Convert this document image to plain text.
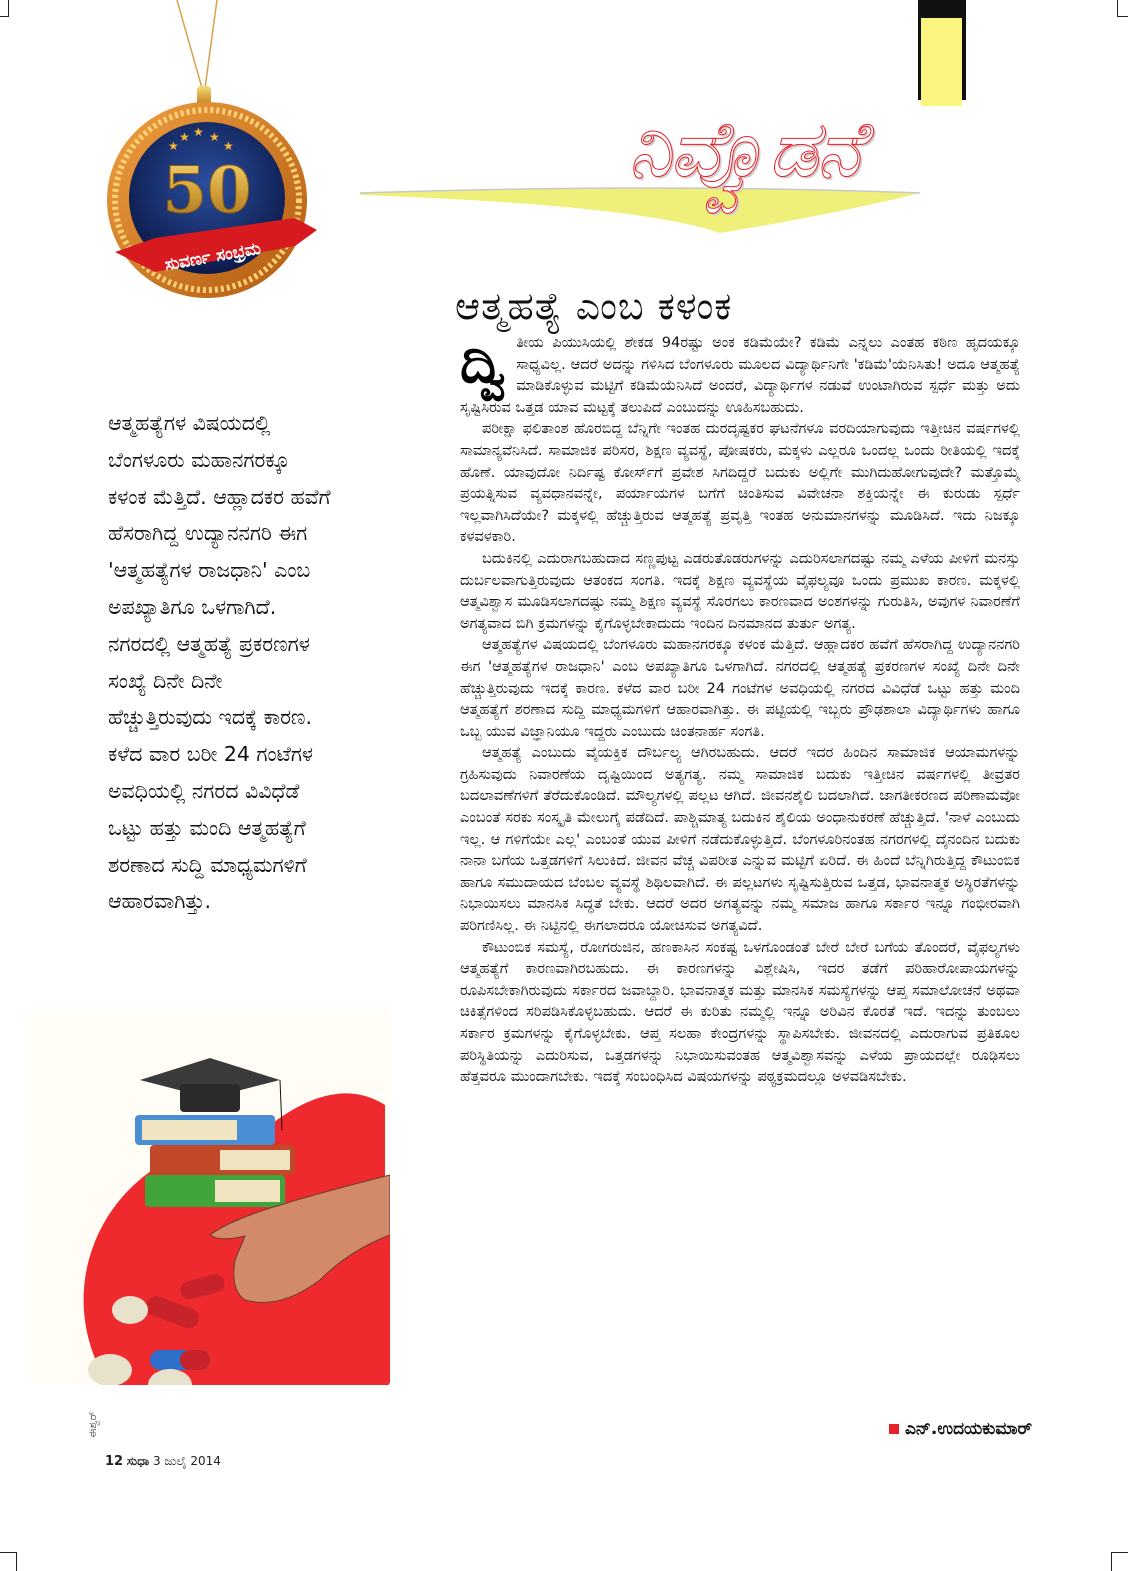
★
★ ★ ★
★
50
ಸುವರ್ಣ ಸಂಭ್ರಮ
ನಿವ್ವೊಡನೆ
ಆತ್ಮಹತ್ಯೆ ಎಂಬ ಕಳಂಕ

ದ್ವಿ ತೀಯ ಪಿಯುಸಿಯಲ್ಲಿ ಶೇಕಡ 94ರಷ್ಟು ಅಂಕ ಕಡಿಮೆಯೇ? ಕಡಿಮೆ ಎನ್ನಲು ಎಂತಹ ಕಠಿಣ ಹೃದಯಕ್ಕೂ ಸಾಧ್ಯವಿಲ್ಲ. ಆದರೆ ಅದನ್ನು ಗಳಿಸಿದ ಬೆಂಗಳೂರು ಮೂಲದ ವಿದ್ಯಾರ್ಥಿನಿಗೇ 'ಕಡಿಮೆ'ಯೆನಿಸಿತು! ಅದೂ ಆತ್ಮಹತ್ಯೆ ಮಾಡಿಕೊಳ್ಳುವ ಮಟ್ಟಿಗೆ ಕಡಿಮೆಯೆನಿಸಿದೆ ಅಂದರೆ, ವಿದ್ಯಾರ್ಥಿಗಳ ನಡುವೆ ಉಂಟಾಗಿರುವ ಸ್ಪರ್ಧೆ ಮತ್ತು ಅದು ಸೃಷ್ಟಿಸಿರುವ ಒತ್ತಡ ಯಾವ ಮಟ್ಟಕ್ಕೆ ತಲುಪಿದೆ ಎಂಬುದನ್ನು ಊಹಿಸಬಹುದು.

ಪರೀಕ್ಷಾ ಫಲಿತಾಂಶ ಹೊರಬಿದ್ದ ಬೆನ್ನಿಗೇ ಇಂತಹ ದುರದೃಷ್ಟಕರ ಘಟನೆಗಳೂ ವರದಿಯಾಗುವುದು ಇತ್ತೀಚಿನ ವರ್ಷಗಳಲ್ಲಿ ಸಾಮಾನ್ಯವೆನಿಸಿದೆ. ಸಾಮಾಜಿಕ ಪರಿಸರ, ಶಿಕ್ಷಣ ವ್ಯವಸ್ಥೆ, ಪೋಷಕರು, ಮಕ್ಕಳು ಎಲ್ಲರೂ ಒಂದಲ್ಲ ಒಂದು ರೀತಿಯಲ್ಲಿ ಇದಕ್ಕೆ ಹೊಣೆ. ಯಾವುದೋ ನಿರ್ದಿಷ್ಟ ಕೋರ್ಸ್‌ಗೆ ಪ್ರವೇಶ ಸಿಗದಿದ್ದರೆ ಬದುಕು ಅಲ್ಲಿಗೇ ಮುಗಿದುಹೋಗುವುದೇ? ಮತ್ತೊಮ್ಮೆ ಪ್ರಯತ್ನಿಸುವ ವ್ಯವಧಾನವನ್ನೇ, ಪರ್ಯಾಯಗಳ ಬಗೆಗೆ ಚಿಂತಿಸುವ ವಿವೇಚನಾ ಶಕ್ತಿಯನ್ನೇ ಈ ಕುರುಡು ಸ್ಪರ್ಧೆ ಇಲ್ಲವಾಗಿಸಿದೆಯೇ? ಮಕ್ಕಳಲ್ಲಿ ಹೆಚ್ಚುತ್ತಿರುವ ಆತ್ಮಹತ್ಯೆ ಪ್ರವೃತ್ತಿ ಇಂತಹ ಅನುಮಾನಗಳನ್ನು ಮೂಡಿಸಿದೆ. ಇದು ನಿಜಕ್ಕೂ ಕಳವಳಕಾರಿ.

ಬದುಕಿನಲ್ಲಿ ಎದುರಾಗಬಹುದಾದ ಸಣ್ಣಪುಟ್ಟ ಎಡರುತೊಡರುಗಳನ್ನು ಎದುರಿಸಲಾಗದಷ್ಟು ನಮ್ಮ ಎಳೆಯ ಪೀಳಿಗೆ ಮನಸ್ಸು ದುರ್ಬಲವಾಗುತ್ತಿರುವುದು ಆತಂಕದ ಸಂಗತಿ. ಇದಕ್ಕೆ ಶಿಕ್ಷಣ ವ್ಯವಸ್ಥೆಯ ವೈಫಲ್ಯವೂ ಒಂದು ಪ್ರಮುಖ ಕಾರಣ. ಮಕ್ಕಳಲ್ಲಿ ಆತ್ಮವಿಶ್ವಾಸ ಮೂಡಿಸಲಾಗದಷ್ಟು ನಮ್ಮ ಶಿಕ್ಷಣ ವ್ಯವಸ್ಥೆ ಸೊರಗಲು ಕಾರಣವಾದ ಅಂಶಗಳನ್ನು ಗುರುತಿಸಿ, ಅವುಗಳ ನಿವಾರಣೆಗೆ ಅಗತ್ಯವಾದ ಬಿಗಿ ಕ್ರಮಗಳನ್ನು ಕೈಗೊಳ್ಳಬೇಕಾದುದು ಇಂದಿನ ದಿನಮಾನದ ತುರ್ತು ಅಗತ್ಯ.

ಆತ್ಮಹತ್ಯೆಗಳ ವಿಷಯದಲ್ಲಿ ಬೆಂಗಳೂರು ಮಹಾನಗರಕ್ಕೂ ಕಳಂಕ ಮೆತ್ತಿದೆ. ಆಹ್ಲಾದಕರ ಹವೆಗೆ ಹೆಸರಾಗಿದ್ದ ಉದ್ಯಾನನಗರಿ ಈಗ 'ಆತ್ಮಹತ್ಯೆಗಳ ರಾಜಧಾನಿ' ಎಂಬ ಅಪಖ್ಯಾತಿಗೂ ಒಳಗಾಗಿದೆ. ನಗರದಲ್ಲಿ ಆತ್ಮಹತ್ಯೆ ಪ್ರಕರಣಗಳ ಸಂಖ್ಯೆ ದಿನೇ ದಿನೇ ಹೆಚ್ಚುತ್ತಿರುವುದು ಇದಕ್ಕೆ ಕಾರಣ. ಕಳೆದ ವಾರ ಬರೀ 24 ಗಂಟೆಗಳ ಅವಧಿಯಲ್ಲಿ ನಗರದ ವಿವಿಧೆಡೆ ಒಟ್ಟು ಹತ್ತು ಮಂದಿ ಆತ್ಮಹತ್ಯೆಗೆ ಶರಣಾದ ಸುದ್ದಿ ಮಾಧ್ಯಮಗಳಿಗೆ ಆಹಾರವಾಗಿತ್ತು. ಈ ಪಟ್ಟಿಯಲ್ಲಿ ಇಬ್ಬರು ಪ್ರೌಢಶಾಲಾ ವಿದ್ಯಾರ್ಥಿಗಳು ಹಾಗೂ ಒಬ್ಬ ಯುವ ವಿಜ್ಞಾನಿಯೂ ಇದ್ದರು ಎಂಬುದು ಚಿಂತನಾರ್ಹ ಸಂಗತಿ.

ಆತ್ಮಹತ್ಯೆ ಎಂಬುದು ವೈಯಕ್ತಿಕ ದೌರ್ಬಲ್ಯ ಆಗಿರಬಹುದು. ಆದರೆ ಇದರ ಹಿಂದಿನ ಸಾಮಾಜಿಕ ಆಯಾಮಗಳನ್ನು ಗ್ರಹಿಸುವುದು ನಿವಾರಣೆಯ ದೃಷ್ಟಿಯಿಂದ ಅತ್ಯಗತ್ಯ. ನಮ್ಮ ಸಾಮಾಜಿಕ ಬದುಕು ಇತ್ತೀಚಿನ ವರ್ಷಗಳಲ್ಲಿ ತೀವ್ರತರ ಬದಲಾವಣೆಗಳಿಗೆ ತೆರೆದುಕೊಂಡಿದೆ. ಮೌಲ್ಯಗಳಲ್ಲಿ ಪಲ್ಲಟ ಆಗಿದೆ. ಜೀವನಶೈಲಿ ಬದಲಾಗಿದೆ. ಜಾಗತೀಕರಣದ ಪರಿಣಾಮವೋ ಎಂಬಂತೆ ಸರಕು ಸಂಸ್ಕೃತಿ ಮೇಲುಗೈ ಪಡೆದಿದೆ. ಪಾಶ್ಚಿಮಾತ್ಯ ಬದುಕಿನ ಶೈಲಿಯ ಅಂಧಾನುಕರಣೆ ಹೆಚ್ಚುತ್ತಿದೆ. 'ನಾಳೆ ಎಂಬುದು ಇಲ್ಲ. ಆ ಗಳಿಗೆಯೇ ಎಲ್ಲ' ಎಂಬಂತೆ ಯುವ ಪೀಳಿಗೆ ನಡೆದುಕೊಳ್ಳುತ್ತಿದೆ. ಬೆಂಗಳೂರಿನಂತಹ ನಗರಗಳಲ್ಲಿ ದೈನಂದಿನ ಬದುಕು ನಾನಾ ಬಗೆಯ ಒತ್ತಡಗಳಿಗೆ ಸಿಲುಕಿದೆ. ಜೀವನ ವೆಚ್ಚ ವಿಪರೀತ ಎನ್ನುವ ಮಟ್ಟಿಗೆ ಏರಿದೆ. ಈ ಹಿಂದೆ ಬೆನ್ನಿಗಿರುತ್ತಿದ್ದ ಕೌಟುಂಬಿಕ ಹಾಗೂ ಸಮುದಾಯದ ಬೆಂಬಲ ವ್ಯವಸ್ಥೆ ಶಿಥಿಲವಾಗಿದೆ. ಈ ಪಲ್ಲಟಗಳು ಸೃಷ್ಟಿಸುತ್ತಿರುವ ಒತ್ತಡ, ಭಾವನಾತ್ಮಕ ಅಸ್ಥಿರತೆಗಳನ್ನು ನಿಭಾಯಿಸಲು ಮಾನಸಿಕ ಸಿದ್ಧತೆ ಬೇಕು. ಆದರೆ ಅದರ ಅಗತ್ಯವನ್ನು ನಮ್ಮ ಸಮಾಜ ಹಾಗೂ ಸರ್ಕಾರ ಇನ್ನೂ ಗಂಭೀರವಾಗಿ ಪರಿಗಣಿಸಿಲ್ಲ. ಈ ನಿಟ್ಟಿನಲ್ಲಿ ಈಗಲಾದರೂ ಯೋಚಿಸುವ ಅಗತ್ಯವಿದೆ.

ಕೌಟುಂಬಿಕ ಸಮಸ್ಯೆ, ರೋಗರುಜಿನ, ಹಣಕಾಸಿನ ಸಂಕಷ್ಟ ಒಳಗೊಂಡಂತೆ ಬೇರೆ ಬೇರೆ ಬಗೆಯ ತೊಂದರೆ, ವೈಫಲ್ಯಗಳು ಆತ್ಮಹತ್ಯೆಗೆ ಕಾರಣವಾಗಿರಬಹುದು. ಈ ಕಾರಣಗಳನ್ನು ವಿಶ್ಲೇಷಿಸಿ, ಇದರ ತಡೆಗೆ ಪರಿಹಾರೋಪಾಯಗಳನ್ನು ರೂಪಿಸಬೇಕಾಗಿರುವುದು ಸರ್ಕಾರದ ಜವಾಬ್ದಾರಿ. ಭಾವನಾತ್ಮಕ ಮತ್ತು ಮಾನಸಿಕ ಸಮಸ್ಯೆಗಳನ್ನು ಆಪ್ತ ಸಮಾಲೋಚನೆ ಅಥವಾ ಚಿಕಿತ್ಸೆಗಳಿಂದ ಸರಿಪಡಿಸಿಕೊಳ್ಳಬಹುದು. ಆದರೆ ಈ ಕುರಿತು ನಮ್ಮಲ್ಲಿ ಇನ್ನೂ ಅರಿವಿನ ಕೊರತೆ ಇದೆ. ಇದನ್ನು ತುಂಬಲು ಸರ್ಕಾರ ಕ್ರಮಗಳನ್ನು ಕೈಗೊಳ್ಳಬೇಕು. ಆಪ್ತ ಸಲಹಾ ಕೇಂದ್ರಗಳನ್ನು ಸ್ಥಾಪಿಸಬೇಕು. ಜೀವನದಲ್ಲಿ ಎದುರಾಗುವ ಪ್ರತಿಕೂಲ ಪರಿಸ್ಥಿತಿಯನ್ನು ಎದುರಿಸುವ, ಒತ್ತಡಗಳನ್ನು ನಿಭಾಯಿಸುವಂತಹ ಆತ್ಮವಿಶ್ವಾಸವನ್ನು ಎಳೆಯ ಪ್ರಾಯದಲ್ಲೇ ರೂಢಿಸಲು ಹೆತ್ತವರೂ ಮುಂದಾಗಬೇಕು. ಇದಕ್ಕೆ ಸಂಬಂಧಿಸಿದ ವಿಷಯಗಳನ್ನು ಪಠ್ಯಕ್ರಮದಲ್ಲೂ ಅಳವಡಿಸಬೇಕು.

ಎನ್.ಉದಯಕುಮಾರ್
ಆತ್ಮಹತ್ಯೆಗಳ ವಿಷಯದಲ್ಲಿ
ಬೆಂಗಳೂರು ಮಹಾನಗರಕ್ಕೂ
ಕಳಂಕ ಮೆತ್ತಿದೆ. ಆಹ್ಲಾದಕರ ಹವೆಗೆ
ಹೆಸರಾಗಿದ್ದ ಉದ್ಯಾನನಗರಿ ಈಗ
'ಆತ್ಮಹತ್ಯೆಗಳ ರಾಜಧಾನಿ' ಎಂಬ
ಅಪಖ್ಯಾತಿಗೂ ಒಳಗಾಗಿದೆ.
ನಗರದಲ್ಲಿ ಆತ್ಮಹತ್ಯೆ ಪ್ರಕರಣಗಳ
ಸಂಖ್ಯೆ ದಿನೇ ದಿನೇ
ಹೆಚ್ಚುತ್ತಿರುವುದು ಇದಕ್ಕೆ ಕಾರಣ.
ಕಳೆದ ವಾರ ಬರೀ 24 ಗಂಟೆಗಳ
ಅವಧಿಯಲ್ಲಿ ನಗರದ ವಿವಿಧೆಡೆ
ಒಟ್ಟು ಹತ್ತು ಮಂದಿ ಆತ್ಮಹತ್ಯೆಗೆ
ಶರಣಾದ ಸುದ್ದಿ ಮಾಧ್ಯಮಗಳಿಗೆ
ಆಹಾರವಾಗಿತ್ತು.
ಈಶ್ವರ್
12 ಸುಧಾ 3 ಜುಲೈ 2014
